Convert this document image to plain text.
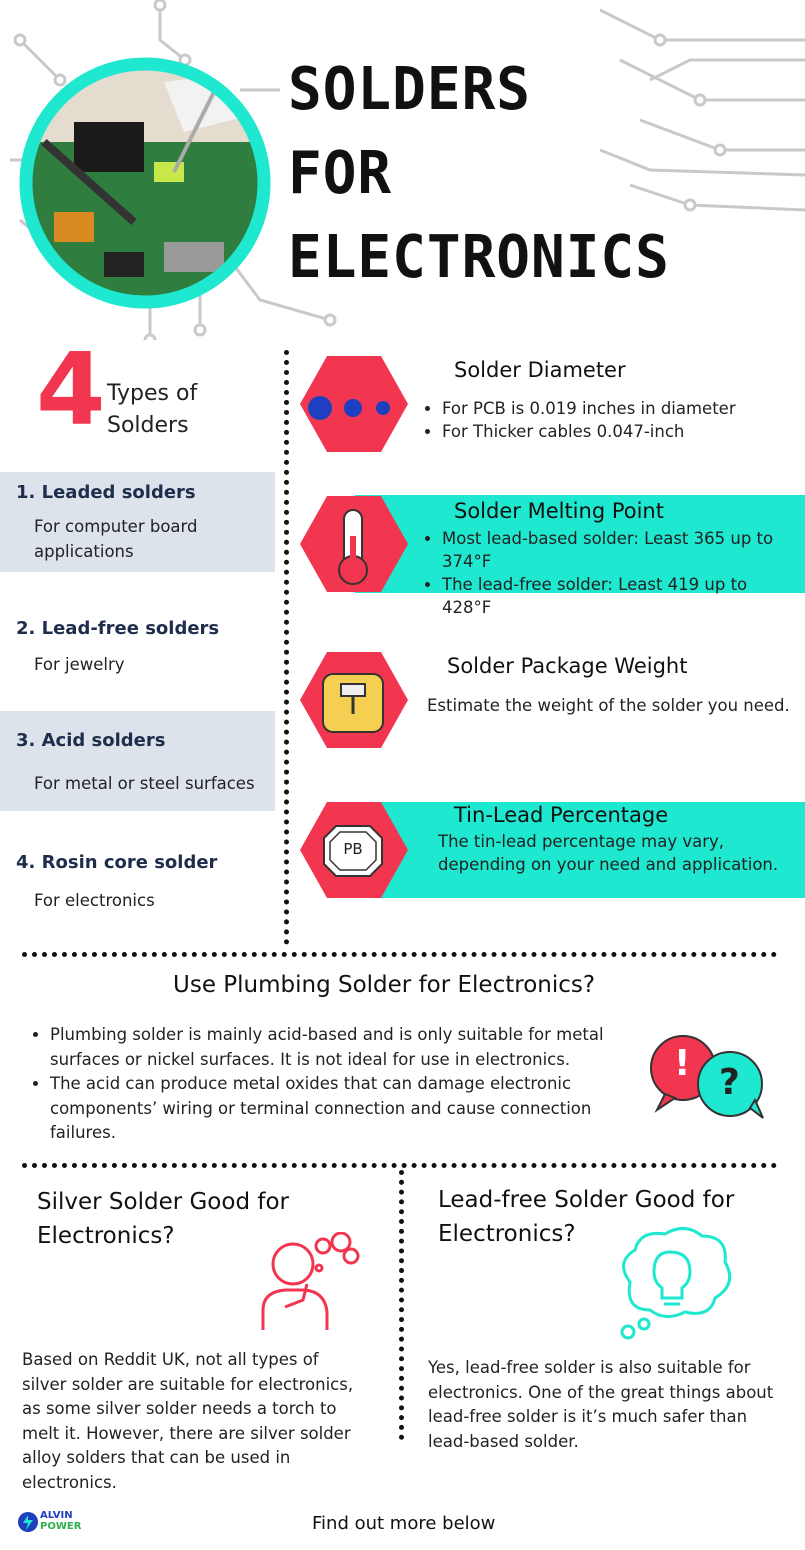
SOLDERS
FOR
ELECTRONICS
4 Types of
Solders
1. Leaded solders
For computer board applications
2. Lead-free solders
For jewelry
3. Acid solders
For metal or steel surfaces
4. Rosin core solder
For electronics
Solder Diameter
• For PCB is 0.019 inches in diameter
• For Thicker cables 0.047-inch
Solder Melting Point
• Most lead-based solder: Least 365 up to 374°F
• The lead-free solder: Least 419 up to 428°F
Solder Package Weight
Estimate the weight of the solder you need.
PB
Tin-Lead Percentage
The tin-lead percentage may vary, depending on your need and application.
Use Plumbing Solder for Electronics?
• Plumbing solder is mainly acid-based and is only suitable for metal surfaces or nickel surfaces. It is not ideal for use in electronics.
• The acid can produce metal oxides that can damage electronic components’ wiring or terminal connection and cause connection failures.
! ?
Silver Solder Good for Electronics?
Based on Reddit UK, not all types of silver solder are suitable for electronics, as some silver solder needs a torch to melt it. However, there are silver solder alloy solders that can be used in electronics.
Lead-free Solder Good for Electronics?
Yes, lead-free solder is also suitable for electronics. One of the great things about lead-free solder is it’s much safer than lead-based solder.
ALVIN
POWER	Find out more below
